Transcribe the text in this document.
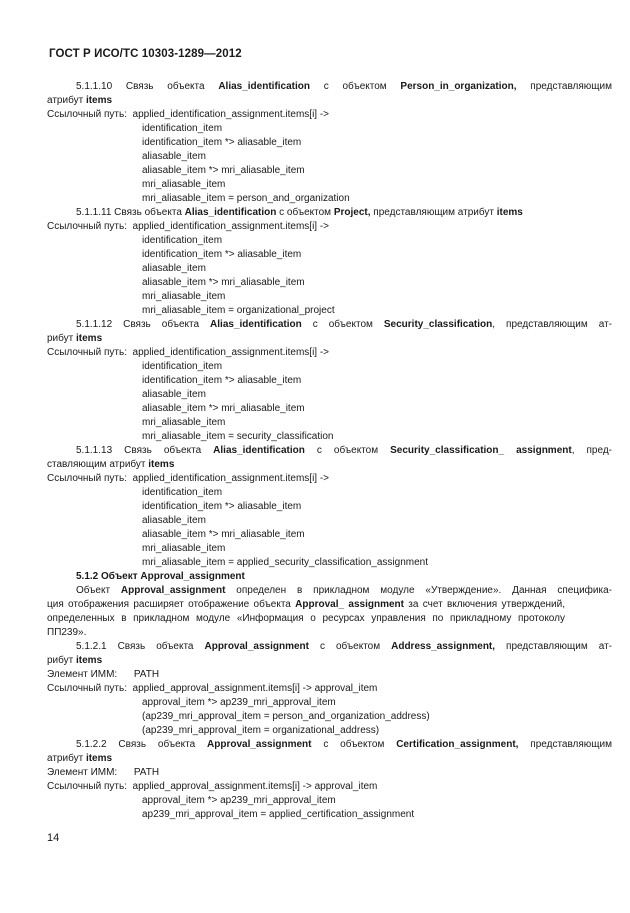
ГОСТ Р ИСО/ТС 10303-1289—2012
5.1.1.10 Связь объекта Alias_identification с объектом Person_in_organization, представляющим
атрибут items
Ссылочный путь:  applied_identification_assignment.items[i] ->
identification_item
identification_item *> aliasable_item
aliasable_item
aliasable_item *> mri_aliasable_item
mri_aliasable_item
mri_aliasable_item = person_and_organization
5.1.1.11 Связь объекта Alias_identification с объектом Project, представляющим атрибут items
Ссылочный путь:  applied_identification_assignment.items[i] ->
identification_item
identification_item *> aliasable_item
aliasable_item
aliasable_item *> mri_aliasable_item
mri_aliasable_item
mri_aliasable_item = organizational_project
5.1.1.12 Связь объекта Alias_identification с объектом Security_classification, представляющим ат-
рибут items
Ссылочный путь:  applied_identification_assignment.items[i] ->
identification_item
identification_item *> aliasable_item
aliasable_item
aliasable_item *> mri_aliasable_item
mri_aliasable_item
mri_aliasable_item = security_classification
5.1.1.13 Связь объекта Alias_identification с объектом Security_classification_ assignment, пред-
ставляющим атрибут items
Ссылочный путь:  applied_identification_assignment.items[i] ->
identification_item
identification_item *> aliasable_item
aliasable_item
aliasable_item *> mri_aliasable_item
mri_aliasable_item
mri_aliasable_item = applied_security_classification_assignment
5.1.2 Объект Approval_assignment
Объект Approval_assignment определен в прикладном модуле «Утверждение». Данная специфика-
ция отображения расширяет отображение объекта Approval_ assignment за счет включения утверждений,
определенных в прикладном модуле «Информация о ресурсах управления по прикладному протоколу
ПП239».
5.1.2.1 Связь объекта Approval_assignment с объектом Address_assignment, представляющим ат-
рибут items
Элемент ИММ:      PATH
Ссылочный путь:  applied_approval_assignment.items[i] -> approval_item
approval_item *> ap239_mri_approval_item
(ap239_mri_approval_item = person_and_organization_address)
(ap239_mri_approval_item = organizational_address)
5.1.2.2 Связь объекта Approval_assignment с объектом Certification_assignment, представляющим
атрибут items
Элемент ИММ:      PATH
Ссылочный путь:  applied_approval_assignment.items[i] -> approval_item
approval_item *> ap239_mri_approval_item
ap239_mri_approval_item = applied_certification_assignment
14
